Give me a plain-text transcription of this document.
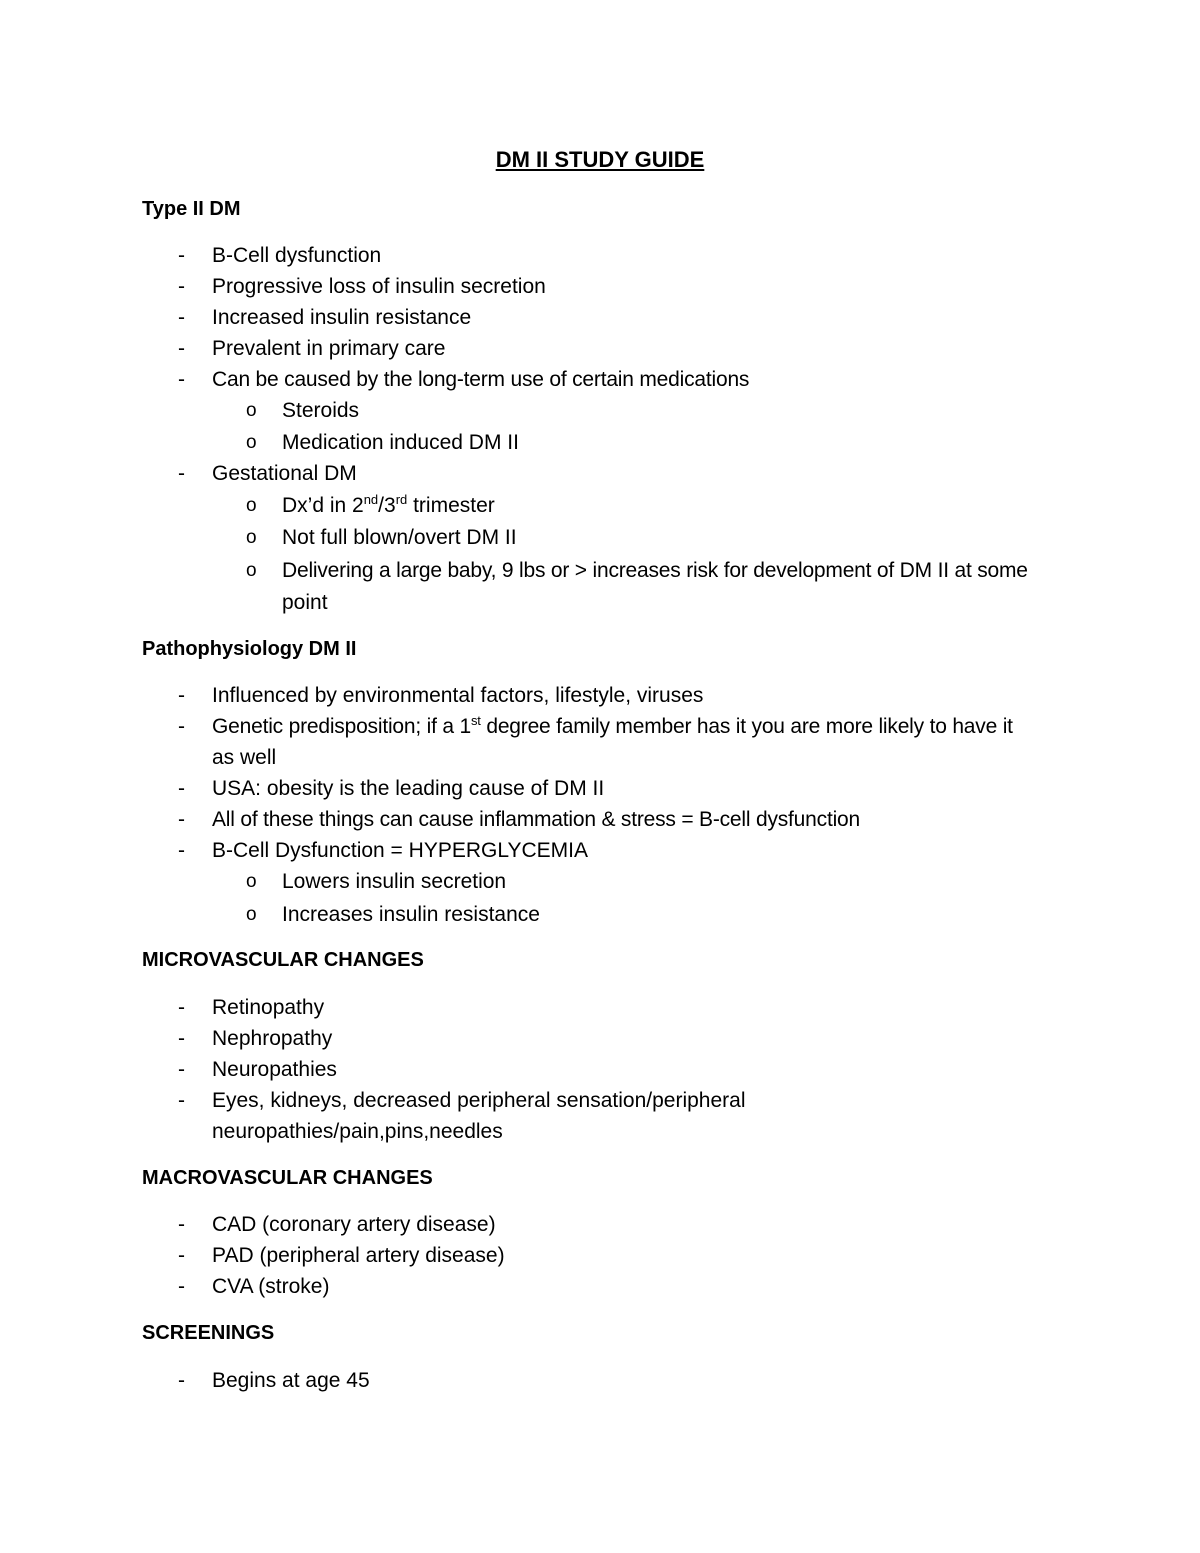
DM II STUDY GUIDE
Type II DM
-	B-Cell dysfunction
-	Progressive loss of insulin secretion
-	Increased insulin resistance
-	Prevalent in primary care
-	Can be caused by the long-term use of certain medications
o Steroids
o Medication induced DM II
-	Gestational DM
o Dx’d in 2nd/3rd trimester
o Not full blown/overt DM II
o Delivering a large baby, 9 lbs or > increases risk for development of DM II at some
point
Pathophysiology DM II
-	Influenced by environmental factors, lifestyle, viruses
-	Genetic predisposition; if a 1st degree family member has it you are more likely to have it
as well
-	USA: obesity is the leading cause of DM II
-	All of these things can cause inflammation & stress = B-cell dysfunction
-	B-Cell Dysfunction = HYPERGLYCEMIA
o Lowers insulin secretion
o Increases insulin resistance
MICROVASCULAR CHANGES
-	Retinopathy
-	Nephropathy
-	Neuropathies
-	Eyes, kidneys, decreased peripheral sensation/peripheral
neuropathies/pain,pins,needles
MACROVASCULAR CHANGES
-	CAD (coronary artery disease)
-	PAD (peripheral artery disease)
-	CVA (stroke)
SCREENINGS
-	Begins at age 45
